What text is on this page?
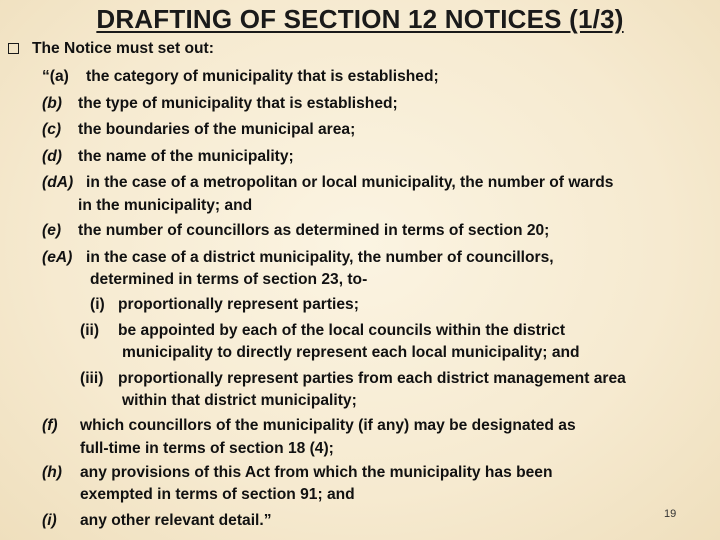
DRAFTING OF SECTION 12 NOTICES (1/3)
The Notice must set out:
“(a) the category of municipality that is established;
(b) the type of municipality that is established;
(c) the boundaries of the municipal area;
(d) the name of the municipality;
(dA) in the case of a metropolitan or local municipality, the number of wards
in the municipality; and
(e) the number of councillors as determined in terms of section 20;
(eA) in the case of a district municipality, the number of councillors,
determined in terms of section 23, to-
(i) proportionally represent parties;
(ii) be appointed by each of the local councils within the district
municipality to directly represent each local municipality; and
(iii) proportionally represent parties from each district management area
within that district municipality;
(f) which councillors of the municipality (if any) may be designated as
full-time in terms of section 18 (4);
(h) any provisions of this Act from which the municipality has been
exempted in terms of section 91; and
(i) any other relevant detail.”	19
